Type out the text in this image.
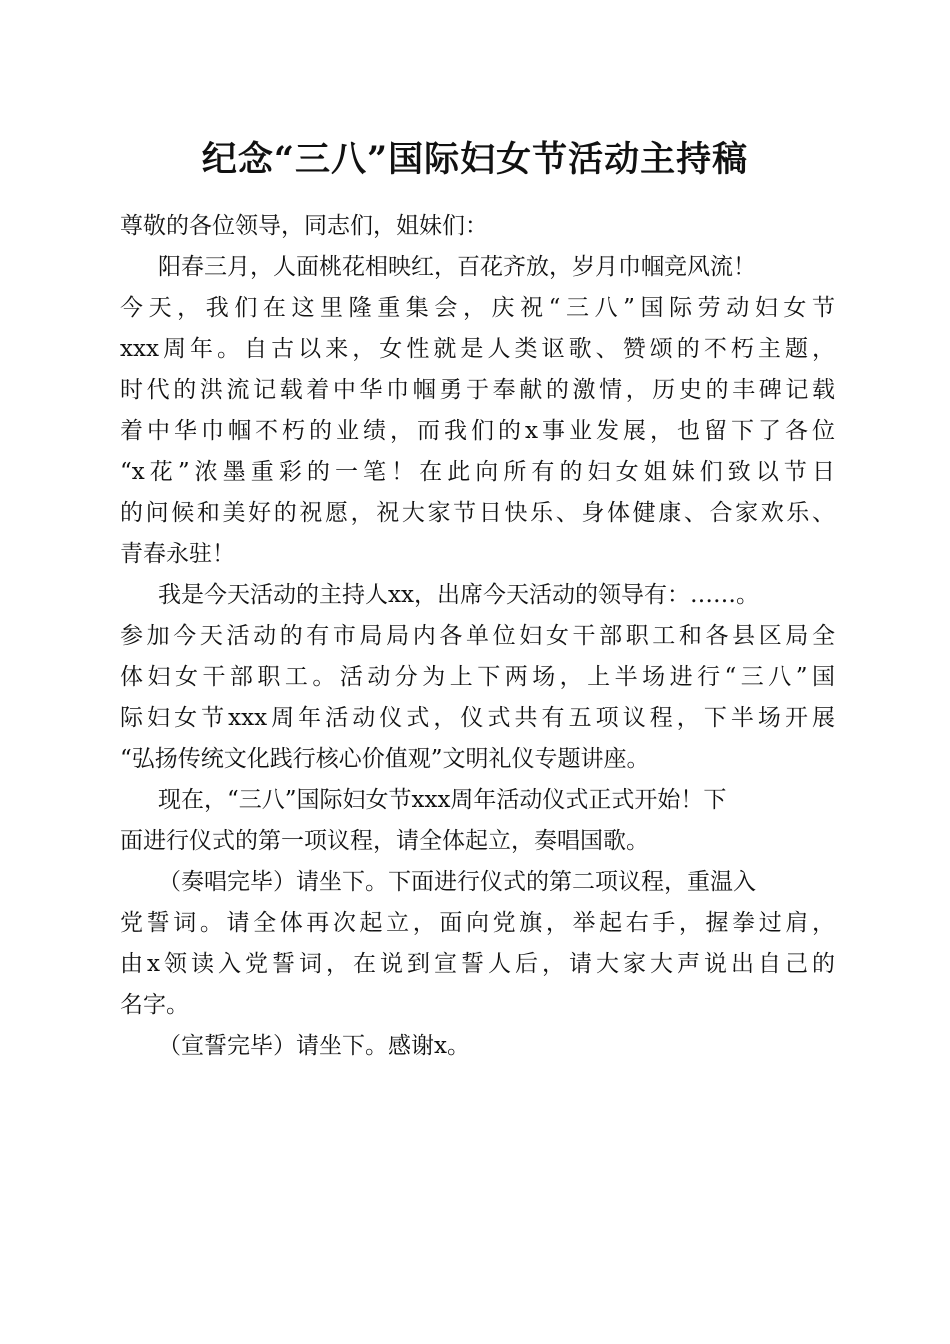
纪念“三八”国际妇女节活动主持稿
尊敬的各位领导，同志们，姐妹们：
阳春三月，人面桃花相映红，百花齐放，岁月巾帼竞风流！
今天，我们在这里隆重集会，庆祝“三八”国际劳动妇女节
xxx周年。自古以来，女性就是人类讴歌、赞颂的不朽主题，
时代的洪流记载着中华巾帼勇于奉献的激情，历史的丰碑记载
着中华巾帼不朽的业绩，而我们的x事业发展，也留下了各位
“x花”浓墨重彩的一笔！在此向所有的妇女姐妹们致以节日
的问候和美好的祝愿，祝大家节日快乐、身体健康、合家欢乐、
青春永驻！
我是今天活动的主持人xx，出席今天活动的领导有：……。
参加今天活动的有市局局内各单位妇女干部职工和各县区局全
体妇女干部职工。活动分为上下两场，上半场进行“三八”国
际妇女节xxx周年活动仪式，仪式共有五项议程，下半场开展
“弘扬传统文化践行核心价值观”文明礼仪专题讲座。
现在，“三八”国际妇女节xxx周年活动仪式正式开始！下
面进行仪式的第一项议程，请全体起立，奏唱国歌。
（奏唱完毕）请坐下。下面进行仪式的第二项议程，重温入
党誓词。请全体再次起立，面向党旗，举起右手，握拳过肩，
由x领读入党誓词，在说到宣誓人后，请大家大声说出自己的
名字。
（宣誓完毕）请坐下。感谢x。
